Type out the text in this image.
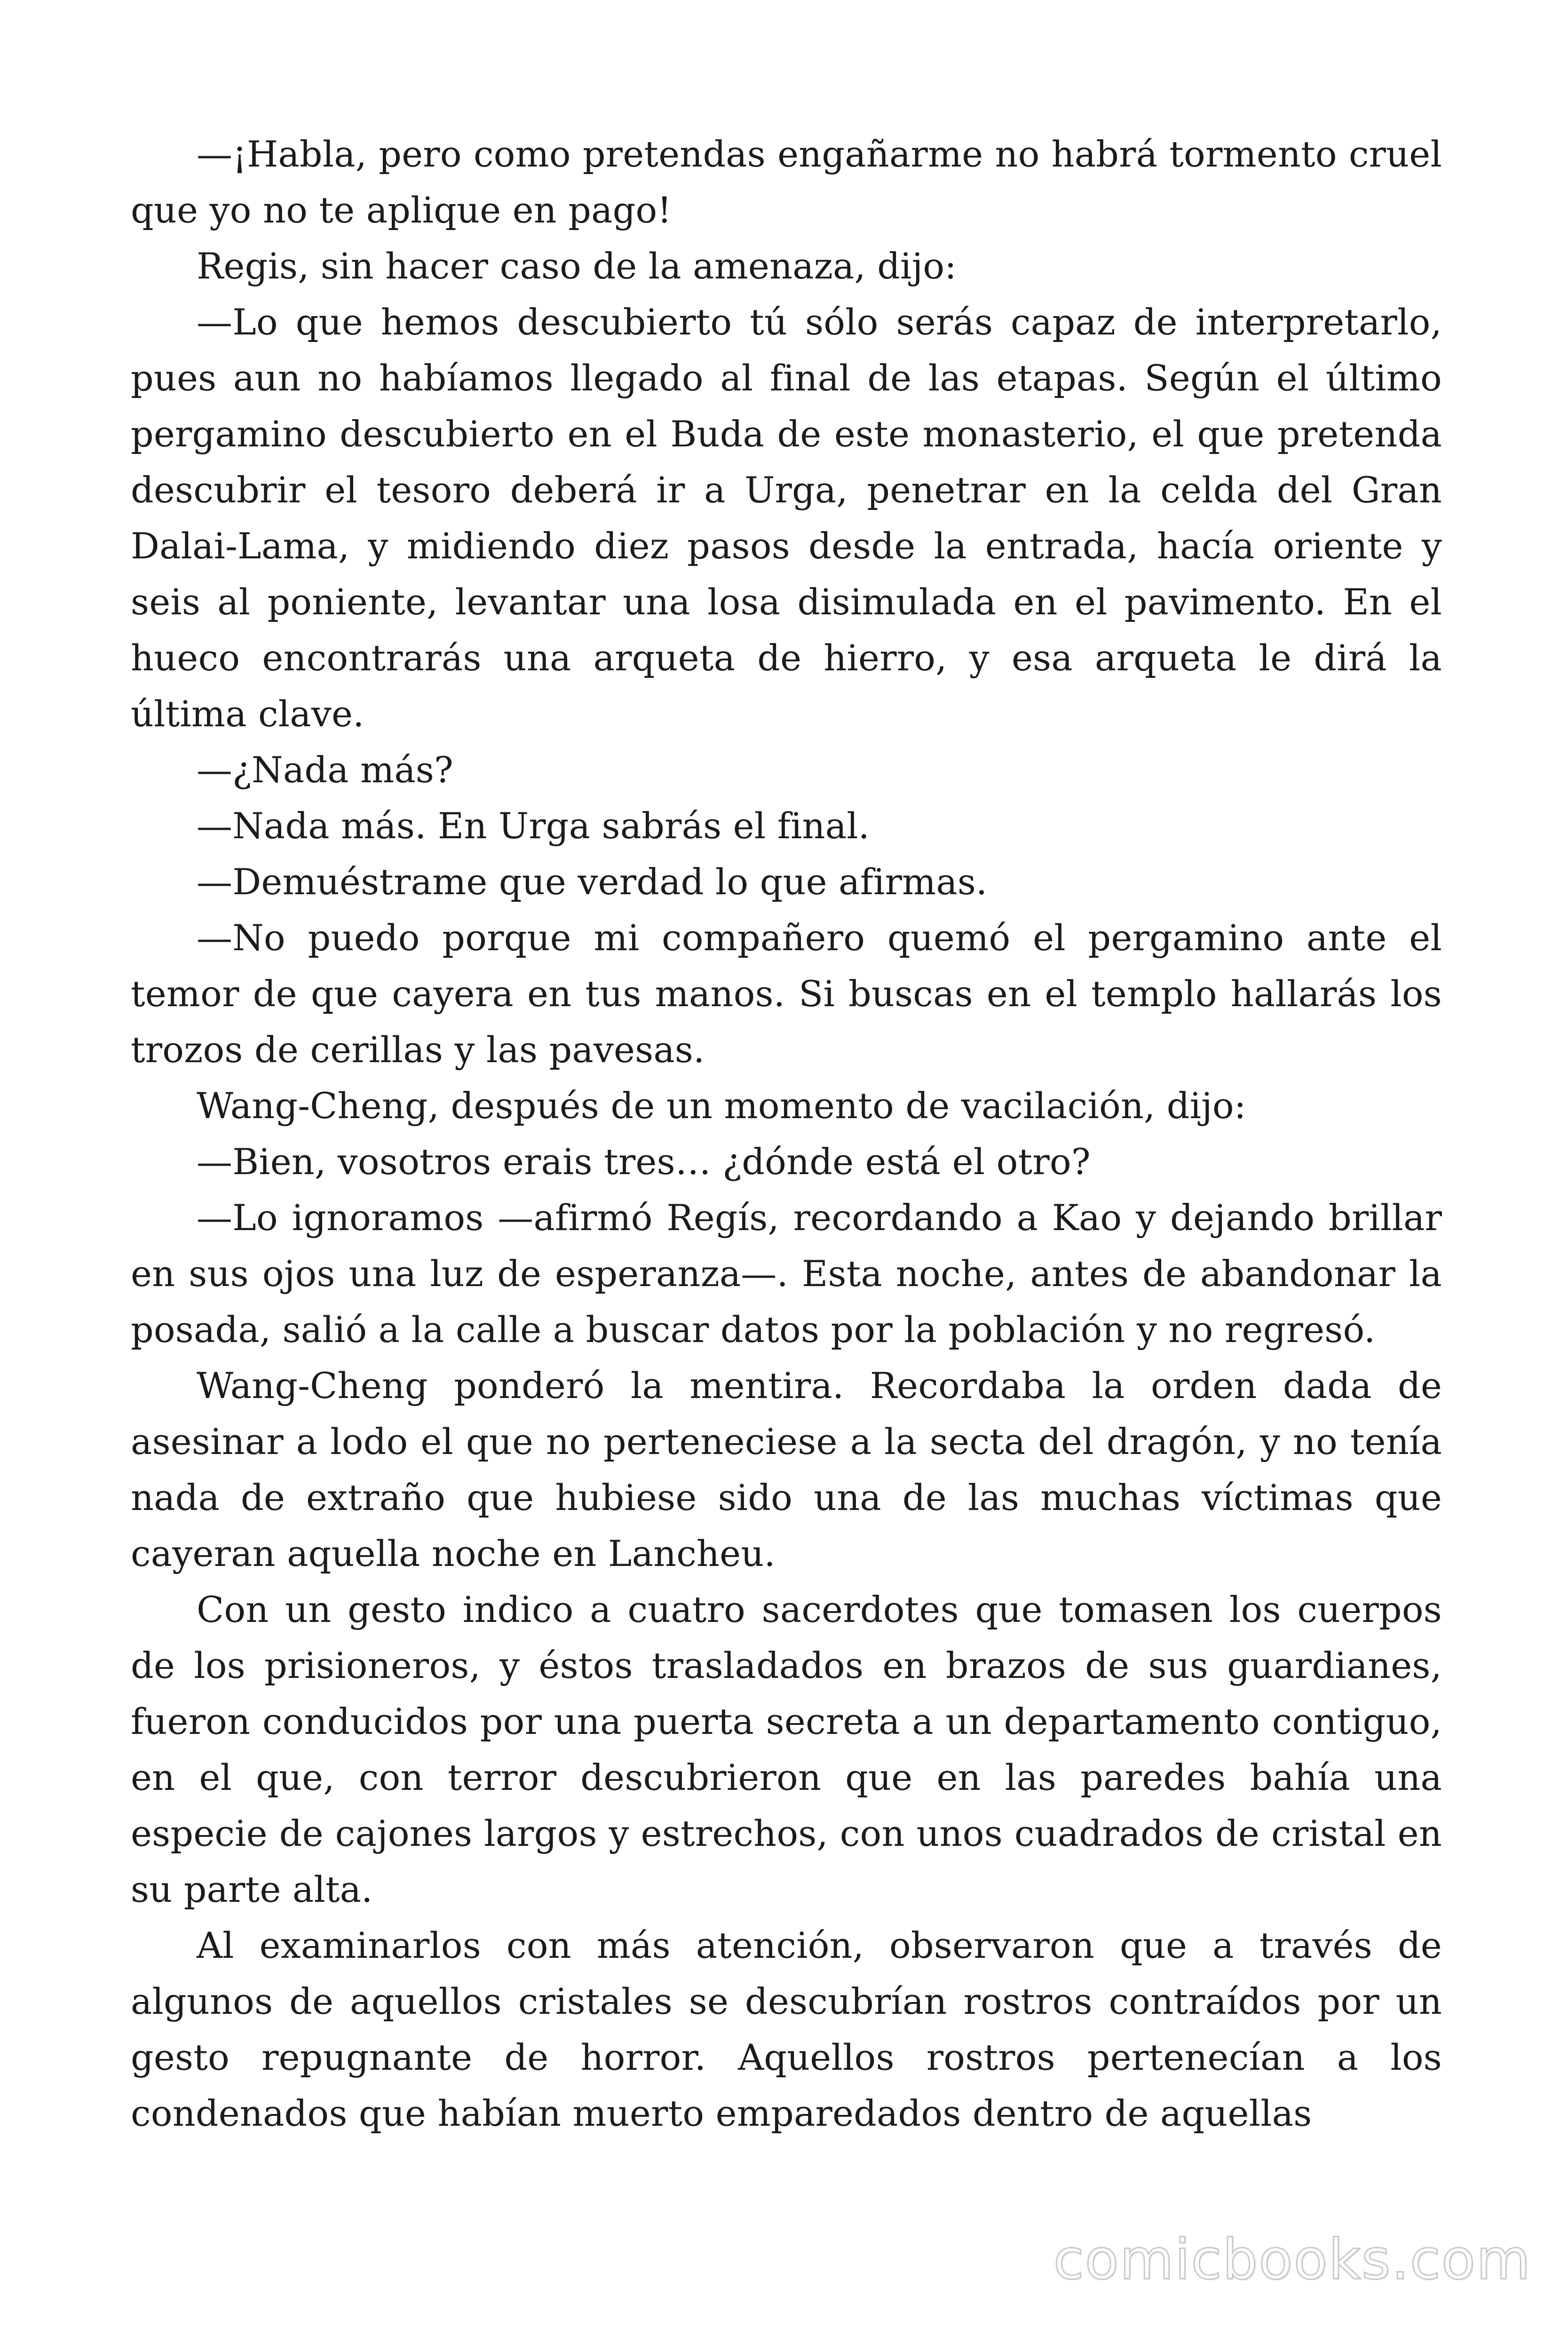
—¡Habla, pero como pretendas engañarme no habrá tormento cruel que yo no te aplique en pago!

Regis, sin hacer caso de la amenaza, dijo:

—Lo que hemos descubierto tú sólo serás capaz de interpretarlo, pues aun no habíamos llegado al final de las etapas. Según el último pergamino descubierto en el Buda de este monasterio, el que pretenda descubrir el tesoro deberá ir a Urga, penetrar en la celda del Gran Dalai-Lama, y midiendo diez pasos desde la entrada, hacía oriente y seis al poniente, levantar una losa disimulada en el pavimento. En el hueco encontrarás una arqueta de hierro, y esa arqueta le dirá la última clave.

—¿Nada más?

—Nada más. En Urga sabrás el final.

—Demuéstrame que verdad lo que afirmas.

—No puedo porque mi compañero quemó el pergamino ante el temor de que cayera en tus manos. Si buscas en el templo hallarás los trozos de cerillas y las pavesas.

Wang-Cheng, después de un momento de vacilación, dijo:

—Bien, vosotros erais tres… ¿dónde está el otro?

—Lo ignoramos —afirmó Regís, recordando a Kao y dejando brillar en sus ojos una luz de esperanza—. Esta noche, antes de abandonar la posada, salió a la calle a buscar datos por la población y no regresó.

Wang-Cheng ponderó la mentira. Recordaba la orden dada de asesinar a lodo el que no perteneciese a la secta del dragón, y no tenía nada de extraño que hubiese sido una de las muchas víctimas que cayeran aquella noche en Lancheu.

Con un gesto indico a cuatro sacerdotes que tomasen los cuerpos de los prisioneros, y éstos trasladados en brazos de sus guardianes, fueron conducidos por una puerta secreta a un departamento contiguo, en el que, con terror descubrieron que en las paredes bahía una especie de cajones largos y estrechos, con unos cuadrados de cristal en su parte alta.

Al examinarlos con más atención, observaron que a través de algunos de aquellos cristales se descubrían rostros contraídos por un gesto repugnante de horror. Aquellos rostros pertenecían a los condenados que habían muerto emparedados dentro de aquellas

comicbooks.com
